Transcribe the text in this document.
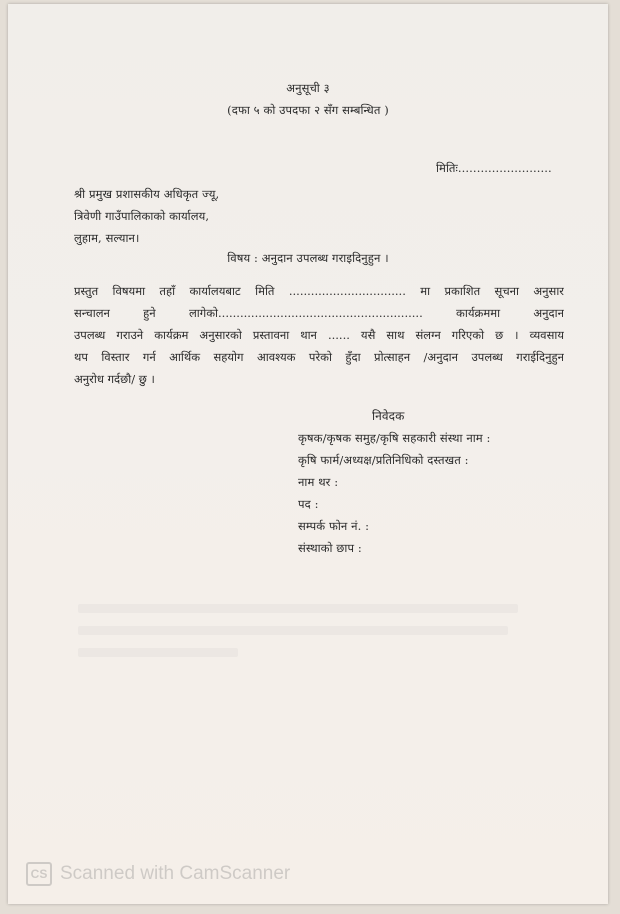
अनुसूची ३
(दफा ५ को उपदफा २ सँग सम्बन्धित )
मितिः.........................
श्री प्रमुख प्रशासकीय अधिकृत ज्यू,
त्रिवेणी गाउँपालिकाको कार्यालय,
लुहाम, सल्यान।
विषय : अनुदान उपलब्ध गराइदिनुहुन ।
प्रस्तुत विषयमा तहाँ कार्यालयबाट मिति ................................ मा प्रकाशित सूचना अनुसार
सन्चालन हुने लागेको........................................................ कार्यक्रममा अनुदान
उपलब्ध गराउने कार्यक्रम अनुसारको प्रस्तावना थान ...... यसै साथ संलग्न गरिएको छ । व्यवसाय
थप विस्तार गर्न आर्थिक सहयोग आवश्यक परेको हुँदा प्रोत्साहन /अनुदान उपलब्ध गराईदिनुहुन
अनुरोध गर्दछौ/ छु ।
निवेदक
कृषक/कृषक समुह/कृषि सहकारी संस्था नाम :
कृषि फार्म/अध्यक्ष/प्रतिनिधिको दस्तखत :
नाम थर :
पद :
सम्पर्क फोन नं. :
संस्थाको छाप :
CS Scanned with CamScanner
